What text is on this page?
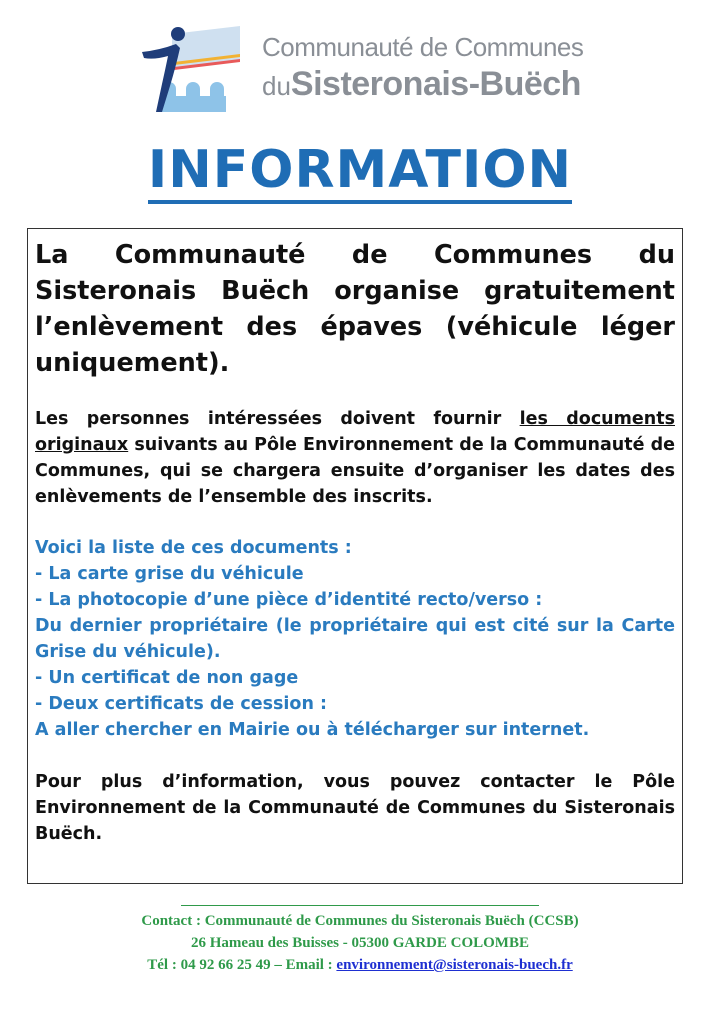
Communauté de Communes
duSisteronais-Buëch
INFORMATION

La Communauté de Communes du Sisteronais Buëch organise gratuitement l’enlèvement des épaves (véhicule léger uniquement).

Les personnes intéressées doivent fournir les documents originaux suivants au Pôle Environnement de la Communauté de Communes, qui se chargera ensuite d’organiser les dates des enlèvements de l’ensemble des inscrits.

Voici la liste de ces documents :
- La carte grise du véhicule
- La photocopie d’une pièce d’identité recto/verso :
Du dernier propriétaire (le propriétaire qui est cité sur la Carte Grise du véhicule).
- Un certificat de non gage
- Deux certificats de cession :
A aller chercher en Mairie ou à télécharger sur internet.

Pour plus d’information, vous pouvez contacter le Pôle Environnement de la Communauté de Communes du Sisteronais Buëch.

Contact : Communauté de Communes du Sisteronais Buëch (CCSB)
26 Hameau des Buisses - 05300 GARDE COLOMBE
Tél : 04 92 66 25 49 – Email : environnement@sisteronais-buech.fr
